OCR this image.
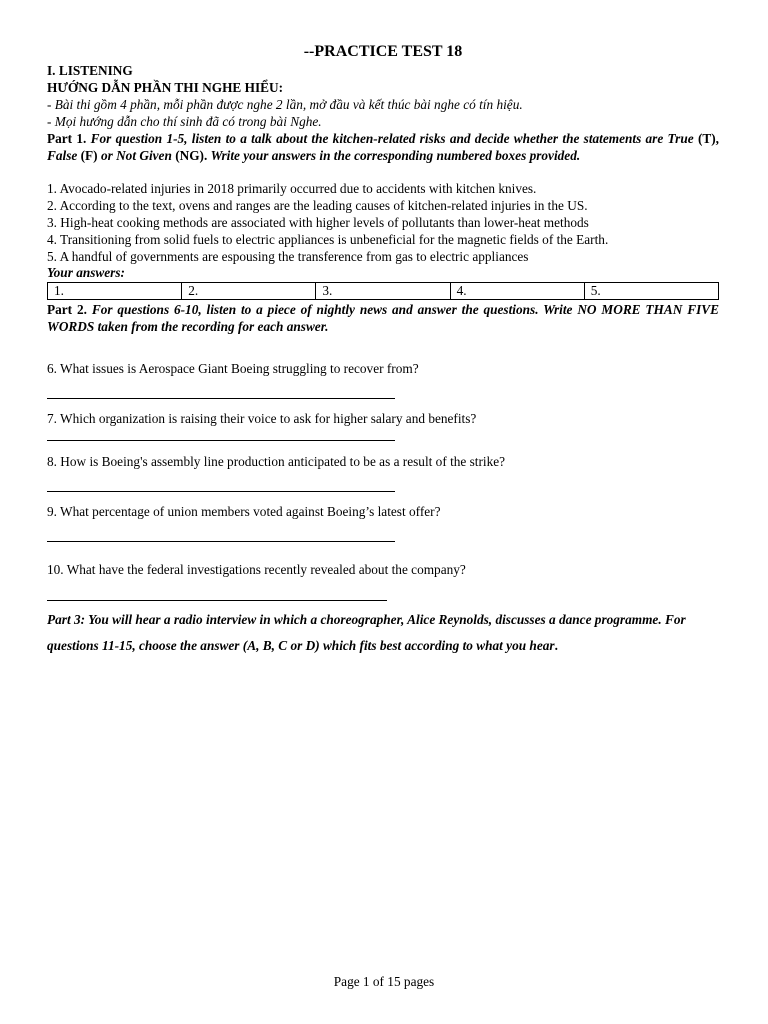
--PRACTICE TEST 18
I. LISTENING
HƯỚNG DẪN PHẦN THI NGHE HIỂU:
- Bài thi gồm 4 phần, mỗi phần được nghe 2 lần, mở đầu và kết thúc bài nghe có tín hiệu.
- Mọi hướng dẫn cho thí sinh đã có trong bài Nghe.
Part 1. For question 1-5, listen to a talk about the kitchen-related risks and decide whether the statements are True (T), False (F) or Not Given (NG). Write your answers in the corresponding numbered boxes provided.
1. Avocado-related injuries in 2018 primarily occurred due to accidents with kitchen knives.
2. According to the text, ovens and ranges are the leading causes of kitchen-related injuries in the US.
3. High-heat cooking methods are associated with higher levels of pollutants than lower-heat methods
4. Transitioning from solid fuels to electric appliances is unbeneficial for the magnetic fields of the Earth.
5. A handful of governments are espousing the transference from gas to electric appliances
Your answers:
1.	2.	3.	4.	5.
Part 2. For questions 6-10, listen to a piece of nightly news and answer the questions. Write NO MORE THAN FIVE WORDS taken from the recording for each answer.
6. What issues is Aerospace Giant Boeing struggling to recover from?
7. Which organization is raising their voice to ask for higher salary and benefits?
8. How is Boeing's assembly line production anticipated to be as a result of the strike?
9. What percentage of union members voted against Boeing’s latest offer?
10. What have the federal investigations recently revealed about the company?
Part 3: You will hear a radio interview in which a choreographer, Alice Reynolds, discusses a dance programme. For questions 11-15, choose the answer (A, B, C or D) which fits best according to what you hear.
Page 1 of 15 pages
